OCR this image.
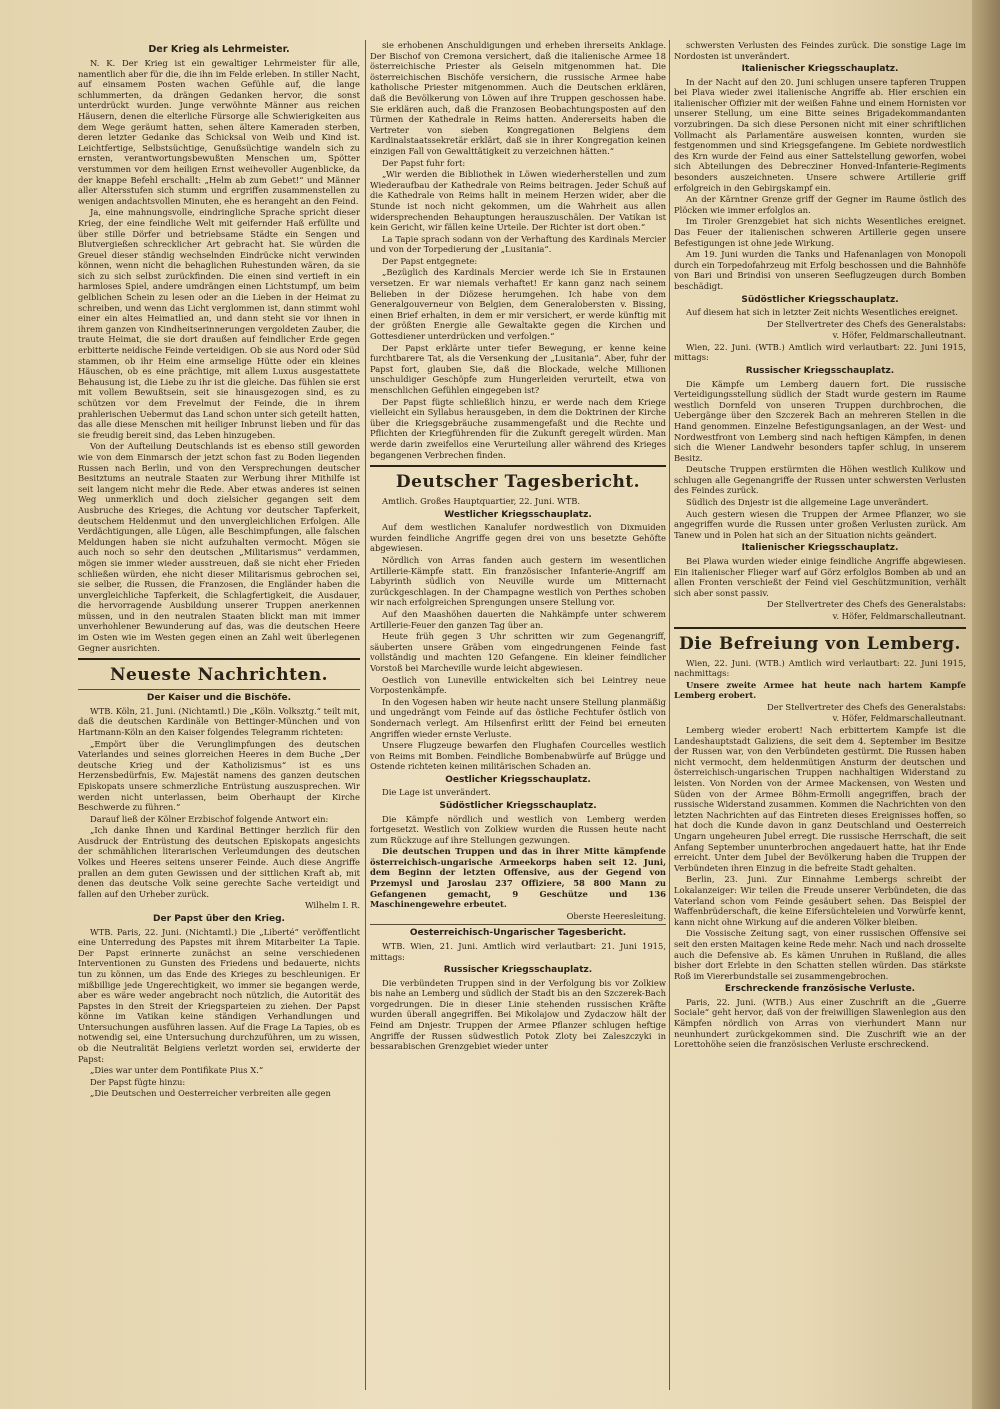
Der Krieg als Lehrmeister.

N. K. Der Krieg ist ein gewaltiger Lehrmeister für alle, namentlich aber für die, die ihn im Felde erleben. In stiller Nacht, auf einsamem Posten wachen Gefühle auf, die lange schlummerten, da drängen Gedanken hervor, die sonst unterdrückt wurden. Junge verwöhnte Männer aus reichen Häusern, denen die elterliche Fürsorge alle Schwierigkeiten aus dem Wege geräumt hatten, sehen ältere Kameraden sterben, deren letzter Gedanke das Schicksal von Weib und Kind ist. Leichtfertige, Selbstsüchtige, Genußsüchtige wandeln sich zu ernsten, verantwortungsbewußten Menschen um, Spötter verstummen vor dem heiligen Ernst weihevoller Augenblicke, da der knappe Befehl erschallt: „Helm ab zum Gebet!“ und Männer aller Altersstufen sich stumm und ergriffen zusammenstellen zu wenigen andachtsvollen Minuten, ehe es herangeht an den Feind.

Ja, eine mahnungsvolle, eindringliche Sprache spricht dieser Krieg, der eine feindliche Welt mit geifernder Haß erfüllte und über stille Dörfer und betriebsame Städte ein Sengen und Blutvergießen schrecklicher Art gebracht hat. Sie würden die Greuel dieser ständig wechselnden Eindrücke nicht verwinden können, wenn nicht die behaglichen Ruhestunden wären, da sie sich zu sich selbst zurückfinden. Die einen sind vertieft in ein harmloses Spiel, andere umdrängen einen Lichtstumpf, um beim gelblichen Schein zu lesen oder an die Lieben in der Heimat zu schreiben, und wenn das Licht verglommen ist, dann stimmt wohl einer ein altes Heimatlied an, und dann steht sie vor ihnen in ihrem ganzen von Kindheitserinnerungen vergoldeten Zauber, die traute Heimat, die sie dort draußen auf feindlicher Erde gegen erbitterte neidische Feinde verteidigen. Ob sie aus Nord oder Süd stammen, ob ihr Heim eine armselige Hütte oder ein kleines Häuschen, ob es eine prächtige, mit allem Luxus ausgestattete Behausung ist, die Liebe zu ihr ist die gleiche. Das fühlen sie erst mit vollem Bewußtsein, seit sie hinausgezogen sind, es zu schützen vor dem Frevelmut der Feinde, die in ihrem prahlerischen Uebermut das Land schon unter sich geteilt hatten, das alle diese Menschen mit heiliger Inbrunst lieben und für das sie freudig bereit sind, das Leben hinzugeben.

Von der Aufteilung Deutschlands ist es ebenso still geworden wie von dem Einmarsch der jetzt schon fast zu Boden liegenden Russen nach Berlin, und von den Versprechungen deutscher Besitztums an neutrale Staaten zur Werbung ihrer Mithilfe ist seit langem nicht mehr die Rede. Aber etwas anderes ist seinen Weg unmerklich und doch zielsicher gegangen seit dem Ausbruche des Krieges, die Achtung vor deutscher Tapferkeit, deutschem Heldenmut und den unvergleichlichen Erfolgen. Alle Verdächtigungen, alle Lügen, alle Beschimpfungen, alle falschen Meldungen haben sie nicht aufzuhalten vermocht. Mögen sie auch noch so sehr den deutschen „Militarismus“ verdammen, mögen sie immer wieder ausstreuen, daß sie nicht eher Frieden schließen würden, ehe nicht dieser Militarismus gebrochen sei, sie selber, die Russen, die Franzosen, die Engländer haben die unvergleichliche Tapferkeit, die Schlagfertigkeit, die Ausdauer, die hervorragende Ausbildung unserer Truppen anerkennen müssen, und in den neutralen Staaten blickt man mit immer unverhohlener Bewunderung auf das, was die deutschen Heere im Osten wie im Westen gegen einen an Zahl weit überlegenen Gegner ausrichten.

Neueste Nachrichten.
Der Kaiser und die Bischöfe.

WTB. Köln, 21. Juni. (Nichtamtl.) Die „Köln. Volksztg.“ teilt mit, daß die deutschen Kardinäle von Bettinger-München und von Hartmann-Köln an den Kaiser folgendes Telegramm richteten:

„Empört über die Verunglimpfungen des deutschen Vaterlandes und seines glorreichen Heeres in dem Buche „Der deutsche Krieg und der Katholizismus“ ist es uns Herzensbedürfnis, Ew. Majestät namens des ganzen deutschen Episkopats unsere schmerzliche Entrüstung auszusprechen. Wir werden nicht unterlassen, beim Oberhaupt der Kirche Beschwerde zu führen.“

Darauf ließ der Kölner Erzbischof folgende Antwort ein:

„Ich danke Ihnen und Kardinal Bettinger herzlich für den Ausdruck der Entrüstung des deutschen Episkopats angesichts der schmählichen literarischen Verleumdungen des deutschen Volkes und Heeres seitens unserer Feinde. Auch diese Angriffe prallen an dem guten Gewissen und der sittlichen Kraft ab, mit denen das deutsche Volk seine gerechte Sache verteidigt und fallen auf den Urheber zurück.

Wilhelm I. R.

Der Papst über den Krieg.

WTB. Paris, 22. Juni. (Nichtamtl.) Die „Liberté“ veröffentlicht eine Unterredung des Papstes mit ihrem Mitarbeiter La Tapie. Der Papst erinnerte zunächst an seine verschiedenen Interventionen zu Gunsten des Friedens und bedauerte, nichts tun zu können, um das Ende des Krieges zu beschleunigen. Er mißbillige jede Ungerechtigkeit, wo immer sie begangen werde, aber es wäre weder angebracht noch nützlich, die Autorität des Papstes in den Streit der Kriegsparteien zu ziehen. Der Papst könne im Vatikan keine ständigen Verhandlungen und Untersuchungen ausführen lassen. Auf die Frage La Tapies, ob es notwendig sei, eine Untersuchung durchzuführen, um zu wissen, ob die Neutralität Belgiens verletzt worden sei, erwiderte der Papst:

„Dies war unter dem Pontifikate Pius X.“

Der Papst fügte hinzu:

„Die Deutschen und Oesterreicher verbreiten alle gegen

sie erhobenen Anschuldigungen und erheben ihrerseits Anklage. Der Bischof von Cremona versichert, daß die italienische Armee 18 österreichische Priester als Geiseln mitgenommen hat. Die österreichischen Bischöfe versichern, die russische Armee habe katholische Priester mitgenommen. Auch die Deutschen erklären, daß die Bevölkerung von Löwen auf ihre Truppen geschossen habe. Sie erklären auch, daß die Franzosen Beobachtungsposten auf den Türmen der Kathedrale in Reims hatten. Andererseits haben die Vertreter von sieben Kongregationen Belgiens dem Kardinalstaatssekretär erklärt, daß sie in ihrer Kongregation keinen einzigen Fall von Gewalttätigkeit zu verzeichnen hätten.“

Der Papst fuhr fort:

„Wir werden die Bibliothek in Löwen wiederherstellen und zum Wiederaufbau der Kathedrale von Reims beitragen. Jeder Schuß auf die Kathedrale von Reims hallt in meinem Herzen wider, aber die Stunde ist noch nicht gekommen, um die Wahrheit aus allen widersprechenden Behauptungen herauszuschälen. Der Vatikan ist kein Gericht, wir fällen keine Urteile. Der Richter ist dort oben.“

La Tapie sprach sodann von der Verhaftung des Kardinals Mercier und von der Torpedierung der „Lusitania“.

Der Papst entgegnete:

„Bezüglich des Kardinals Mercier werde ich Sie in Erstaunen versetzen. Er war niemals verhaftet! Er kann ganz nach seinem Belieben in der Diözese herumgehen. Ich habe von dem Generalgouverneur von Belgien, dem Generalobersten v. Bissing, einen Brief erhalten, in dem er mir versichert, er werde künftig mit der größten Energie alle Gewaltakte gegen die Kirchen und Gottesdiener unterdrücken und verfolgen.“

Der Papst erklärte unter tiefer Bewegung, er kenne keine furchtbarere Tat, als die Versenkung der „Lusitania“. Aber, fuhr der Papst fort, glauben Sie, daß die Blockade, welche Millionen unschuldiger Geschöpfe zum Hungerleiden verurteilt, etwa von menschlichen Gefühlen eingegeben ist?

Der Papst fügte schließlich hinzu, er werde nach dem Kriege vielleicht ein Syllabus herausgeben, in dem die Doktrinen der Kirche über die Kriegsgebräuche zusammengefaßt und die Rechte und Pflichten der Kriegführenden für die Zukunft geregelt würden. Man werde darin zweifellos eine Verurteilung aller während des Krieges begangenen Verbrechen finden.

Deutscher Tagesbericht.

Amtlich. Großes Hauptquartier, 22. Juni. WTB.

Westlicher Kriegsschauplatz.

Auf dem westlichen Kanalufer nordwestlich von Dixmuiden wurden feindliche Angriffe gegen drei von uns besetzte Gehöfte abgewiesen.

Nördlich von Arras fanden auch gestern im wesentlichen Artillerie-Kämpfe statt. Ein französischer Infanterie-Angriff am Labyrinth südlich von Neuville wurde um Mitternacht zurückgeschlagen. In der Champagne westlich von Perthes schoben wir nach erfolgreichen Sprengungen unsere Stellung vor.

Auf den Maashöhen dauerten die Nahkämpfe unter schwerem Artillerie-Feuer den ganzen Tag über an.

Heute früh gegen 3 Uhr schritten wir zum Gegenangriff, säuberten unsere Gräben vom eingedrungenen Feinde fast vollständig und machten 120 Gefangene. Ein kleiner feindlicher Vorstoß bei Marcheville wurde leicht abgewiesen.

Oestlich von Luneville entwickelten sich bei Leintrey neue Vorpostenkämpfe.

In den Vogesen haben wir heute nacht unsere Stellung planmäßig und ungedrängt vom Feinde auf das östliche Fechtufer östlich von Sondernach verlegt. Am Hilsenfirst erlitt der Feind bei erneuten Angriffen wieder ernste Verluste.

Unsere Flugzeuge bewarfen den Flughafen Courcelles westlich von Reims mit Bomben. Feindliche Bombenabwürfe auf Brügge und Ostende richteten keinen militärischen Schaden an.

Oestlicher Kriegsschauplatz.

Die Lage ist unverändert.

Südöstlicher Kriegsschauplatz.

Die Kämpfe nördlich und westlich von Lemberg werden fortgesetzt. Westlich von Zolkiew wurden die Russen heute nacht zum Rückzuge auf ihre Stellungen gezwungen.

Die deutschen Truppen und das in ihrer Mitte kämpfende österreichisch-ungarische Armeekorps haben seit 12. Juni, dem Beginn der letzten Offensive, aus der Gegend von Przemysl und Jaroslau 237 Offiziere, 58 800 Mann zu Gefangenen gemacht, 9 Geschütze und 136 Maschinengewehre erbeutet.

Oberste Heeresleitung.

Oesterreichisch-Ungarischer Tagesbericht.

WTB. Wien, 21. Juni. Amtlich wird verlautbart: 21. Juni 1915, mittags:

Russischer Kriegsschauplatz.

Die verbündeten Truppen sind in der Verfolgung bis vor Zolkiew bis nahe an Lemberg und südlich der Stadt bis an den Szczerek-Bach vorgedrungen. Die in dieser Linie stehenden russischen Kräfte wurden überall angegriffen. Bei Mikolajow und Zydaczow hält der Feind am Dnjestr. Truppen der Armee Pflanzer schlugen heftige Angriffe der Russen südwestlich Potok Zloty bei Zaleszczyki in bessarabischen Grenzgebiet wieder unter

schwersten Verlusten des Feindes zurück. Die sonstige Lage im Nordosten ist unverändert.

Italienischer Kriegsschauplatz.

In der Nacht auf den 20. Juni schlugen unsere tapferen Truppen bei Plava wieder zwei italienische Angriffe ab. Hier erschien ein italienischer Offizier mit der weißen Fahne und einem Hornisten vor unserer Stellung, um eine Bitte seines Brigadekommandanten vorzubringen. Da sich diese Personen nicht mit einer schriftlichen Vollmacht als Parlamentäre ausweisen konnten, wurden sie festgenommen und sind Kriegsgefangene. Im Gebiete nordwestlich des Krn wurde der Feind aus einer Sattelstellung geworfen, wobei sich Abteilungen des Debrecziner Honved-Infanterie-Regiments besonders auszeichneten. Unsere schwere Artillerie griff erfolgreich in den Gebirgskampf ein.

An der Kärntner Grenze griff der Gegner im Raume östlich des Plöcken wie immer erfolglos an.

Im Tiroler Grenzgebiet hat sich nichts Wesentliches ereignet. Das Feuer der italienischen schweren Artillerie gegen unsere Befestigungen ist ohne jede Wirkung.

Am 19. Juni wurden die Tanks und Hafenanlagen von Monopoli durch ein Torpedofahrzeug mit Erfolg beschossen und die Bahnhöfe von Bari und Brindisi von unseren Seeflugzeugen durch Bomben beschädigt.

Südöstlicher Kriegsschauplatz.

Auf diesem hat sich in letzter Zeit nichts Wesentliches ereignet.

Der Stellvertreter des Chefs des Generalstabs:

v. Höfer, Feldmarschalleutnant.

Wien, 22. Juni. (WTB.) Amtlich wird verlautbart: 22. Juni 1915, mittags:

Russischer Kriegsschauplatz.

Die Kämpfe um Lemberg dauern fort. Die russische Verteidigungsstellung südlich der Stadt wurde gestern im Raume westlich Dornfeld von unseren Truppen durchbrochen, die Uebergänge über den Szczerek Bach an mehreren Stellen in die Hand genommen. Einzelne Befestigungsanlagen, an der West- und Nordwestfront von Lemberg sind nach heftigen Kämpfen, in denen sich die Wiener Landwehr besonders tapfer schlug, in unserem Besitz.

Deutsche Truppen erstürmten die Höhen westlich Kulikow und schlugen alle Gegenangriffe der Russen unter schwersten Verlusten des Feindes zurück.

Südlich des Dnjestr ist die allgemeine Lage unverändert.

Auch gestern wiesen die Truppen der Armee Pflanzer, wo sie angegriffen wurde die Russen unter großen Verlusten zurück. Am Tanew und in Polen hat sich an der Situation nichts geändert.

Italienischer Kriegsschauplatz.

Bei Plawa wurden wieder einige feindliche Angriffe abgewiesen. Ein italienischer Flieger warf auf Görz erfolglos Bomben ab und an allen Fronten verschießt der Feind viel Geschützmunition, verhält sich aber sonst passiv.

Der Stellvertreter des Chefs des Generalstabs:

v. Höfer, Feldmarschalleutnant.

Die Befreiung von Lemberg.

Wien, 22. Juni. (WTB.) Amtlich wird verlautbart: 22. Juni 1915, nachmittags:

Unsere zweite Armee hat heute nach hartem Kampfe Lemberg erobert.

Der Stellvertreter des Chefs des Generalstabs:

v. Höfer, Feldmarschalleutnant.

Lemberg wieder erobert! Nach erbittertem Kampfe ist die Landeshauptstadt Galiziens, die seit dem 4. September im Besitze der Russen war, von den Verbündeten gestürmt. Die Russen haben nicht vermocht, dem heldenmütigen Ansturm der deutschen und österreichisch-ungarischen Truppen nachhaltigen Widerstand zu leisten. Von Norden von der Armee Mackensen, von Westen und Süden von der Armee Böhm-Ermolli angegriffen, brach der russische Widerstand zusammen. Kommen die Nachrichten von den letzten Nachrichten auf das Eintreten dieses Ereignisses hoffen, so hat doch die Kunde davon in ganz Deutschland und Oesterreich Ungarn ungeheuren Jubel erregt. Die russische Herrschaft, die seit Anfang September ununterbrochen angedauert hatte, hat ihr Ende erreicht. Unter dem Jubel der Bevölkerung haben die Truppen der Verbündeten ihren Einzug in die befreite Stadt gehalten.

Berlin, 23. Juni. Zur Einnahme Lembergs schreibt der Lokalanzeiger: Wir teilen die Freude unserer Verbündeten, die das Vaterland schon vom Feinde gesäubert sehen. Das Beispiel der Waffenbrüderschaft, die keine Eifersüchteleien und Vorwürfe kennt, kann nicht ohne Wirkung auf die anderen Völker bleiben.

Die Vossische Zeitung sagt, von einer russischen Offensive sei seit den ersten Maitagen keine Rede mehr. Nach und nach drosselte auch die Defensive ab. Es kämen Unruhen in Rußland, die alles bisher dort Erlebte in den Schatten stellen würden. Das stärkste Roß im Viererbundstalle sei zusammengebrochen.

Erschreckende französische Verluste.

Paris, 22. Juni. (WTB.) Aus einer Zuschrift an die „Guerre Sociale“ geht hervor, daß von der freiwilligen Slawenlegion aus den Kämpfen nördlich von Arras von vierhundert Mann nur neunhundert zurückgekommen sind. Die Zuschrift wie an der Lorettohöhe seien die französischen Verluste erschreckend.
